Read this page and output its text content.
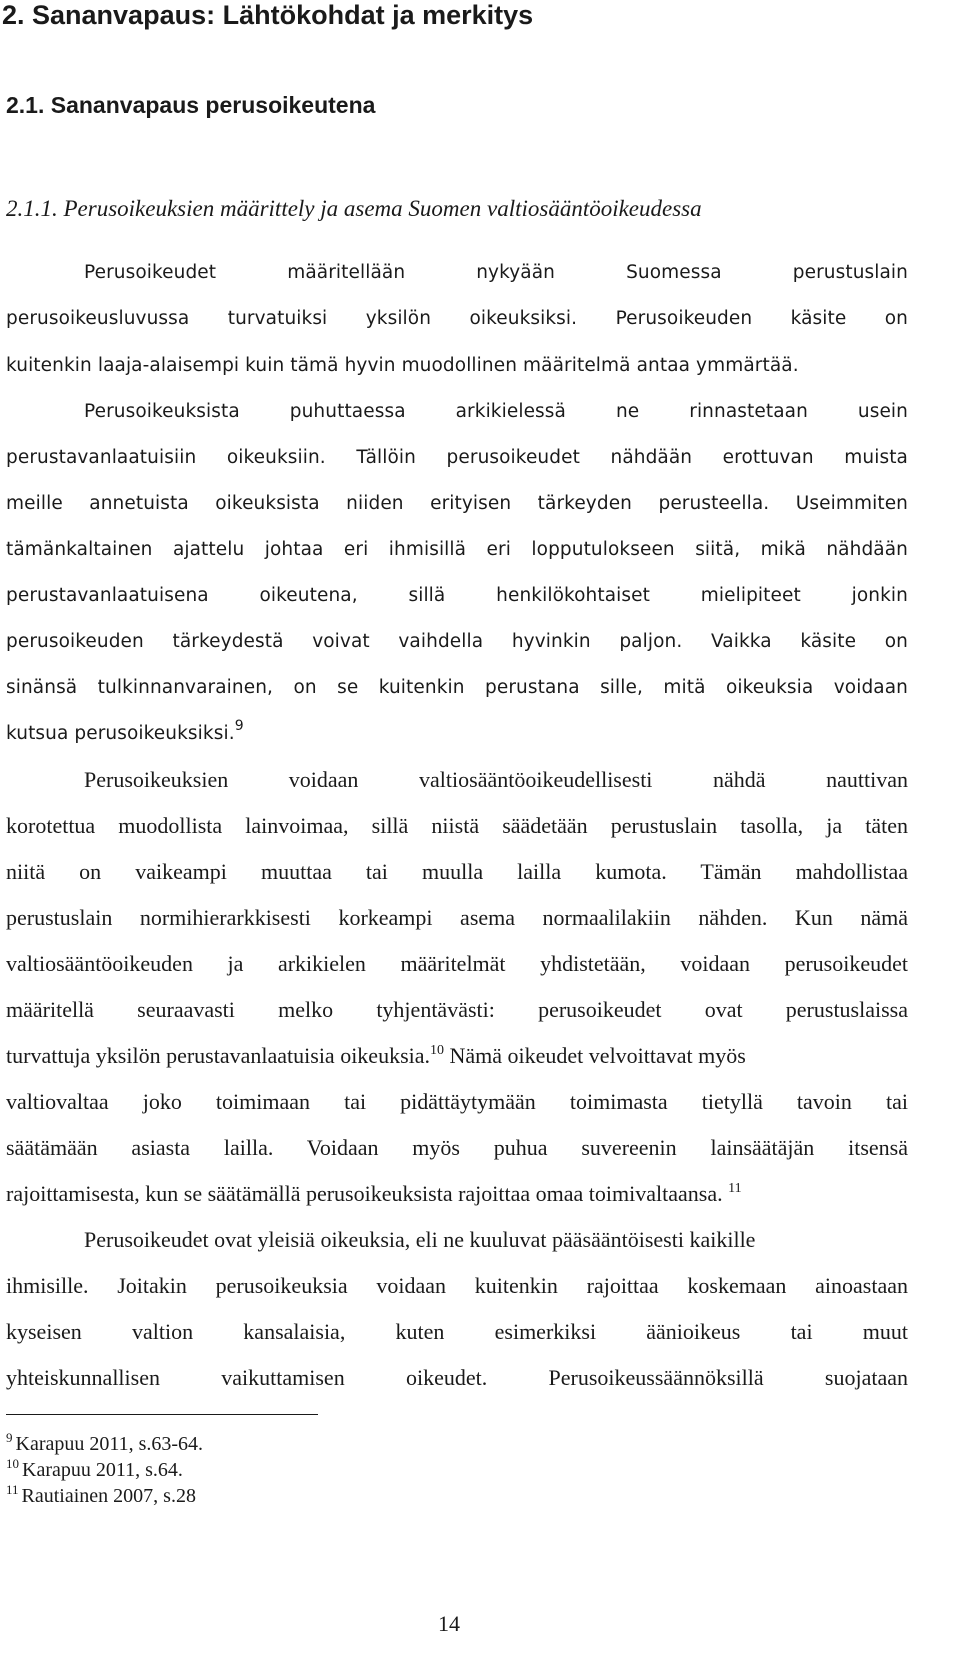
2. Sananvapaus: Lähtökohdat ja merkitys
2.1. Sananvapaus perusoikeutena
2.1.1. Perusoikeuksien määrittely ja asema Suomen valtiosääntöoikeudessa
Perusoikeudet määritellään nykyään Suomessa perustuslain
perusoikeusluvussa turvatuiksi yksilön oikeuksiksi. Perusoikeuden käsite on
kuitenkin laaja-alaisempi kuin tämä hyvin muodollinen määritelmä antaa ymmärtää.
Perusoikeuksista puhuttaessa arkikielessä ne rinnastetaan usein
perustavanlaatuisiin oikeuksiin. Tällöin perusoikeudet nähdään erottuvan muista
meille annetuista oikeuksista niiden erityisen tärkeyden perusteella. Useimmiten
tämänkaltainen ajattelu johtaa eri ihmisillä eri lopputulokseen siitä, mikä nähdään
perustavanlaatuisena oikeutena, sillä henkilökohtaiset mielipiteet jonkin
perusoikeuden tärkeydestä voivat vaihdella hyvinkin paljon. Vaikka käsite on
sinänsä tulkinnanvarainen, on se kuitenkin perustana sille, mitä oikeuksia voidaan
kutsua perusoikeuksiksi.$^9$
Perusoikeuksien voidaan valtiosääntöoikeudellisesti nähdä nauttivan
korotettua muodollista lainvoimaa, sillä niistä säädetään perustuslain tasolla, ja täten
niitä on vaikeampi muuttaa tai muulla lailla kumota. Tämän mahdollistaa
perustuslain normihierarkkisesti korkeampi asema normaalilakiin nähden. Kun nämä
valtiosääntöoikeuden ja arkikielen määritelmät yhdistetään, voidaan perusoikeudet
määritellä seuraavasti melko tyhjentävästi: perusoikeudet ovat perustuslaissa
turvattuja yksilön perustavanlaatuisia oikeuksia.$^{10}$ Nämä oikeudet velvoittavat myös
valtiovaltaa joko toimimaan tai pidättäytymään toimimasta tietyllä tavoin tai
säätämään asiasta lailla. Voidaan myös puhua suvereenin lainsäätäjän itsensä
rajoittamisesta, kun se säätämällä perusoikeuksista rajoittaa omaa toimivaltaansa. $^{11}$
Perusoikeudet ovat yleisiä oikeuksia, eli ne kuuluvat pääsääntöisesti kaikille
ihmisille. Joitakin perusoikeuksia voidaan kuitenkin rajoittaa koskemaan ainoastaan
kyseisen valtion kansalaisia, kuten esimerkiksi äänioikeus tai muut
yhteiskunnallisen vaikuttamisen oikeudet. Perusoikeussäännöksillä suojataan
$^9$ Karapuu 2011, s.63-64.
$^{10}$ Karapuu 2011, s.64.
$^{11}$ Rautiainen 2007, s.28
14
